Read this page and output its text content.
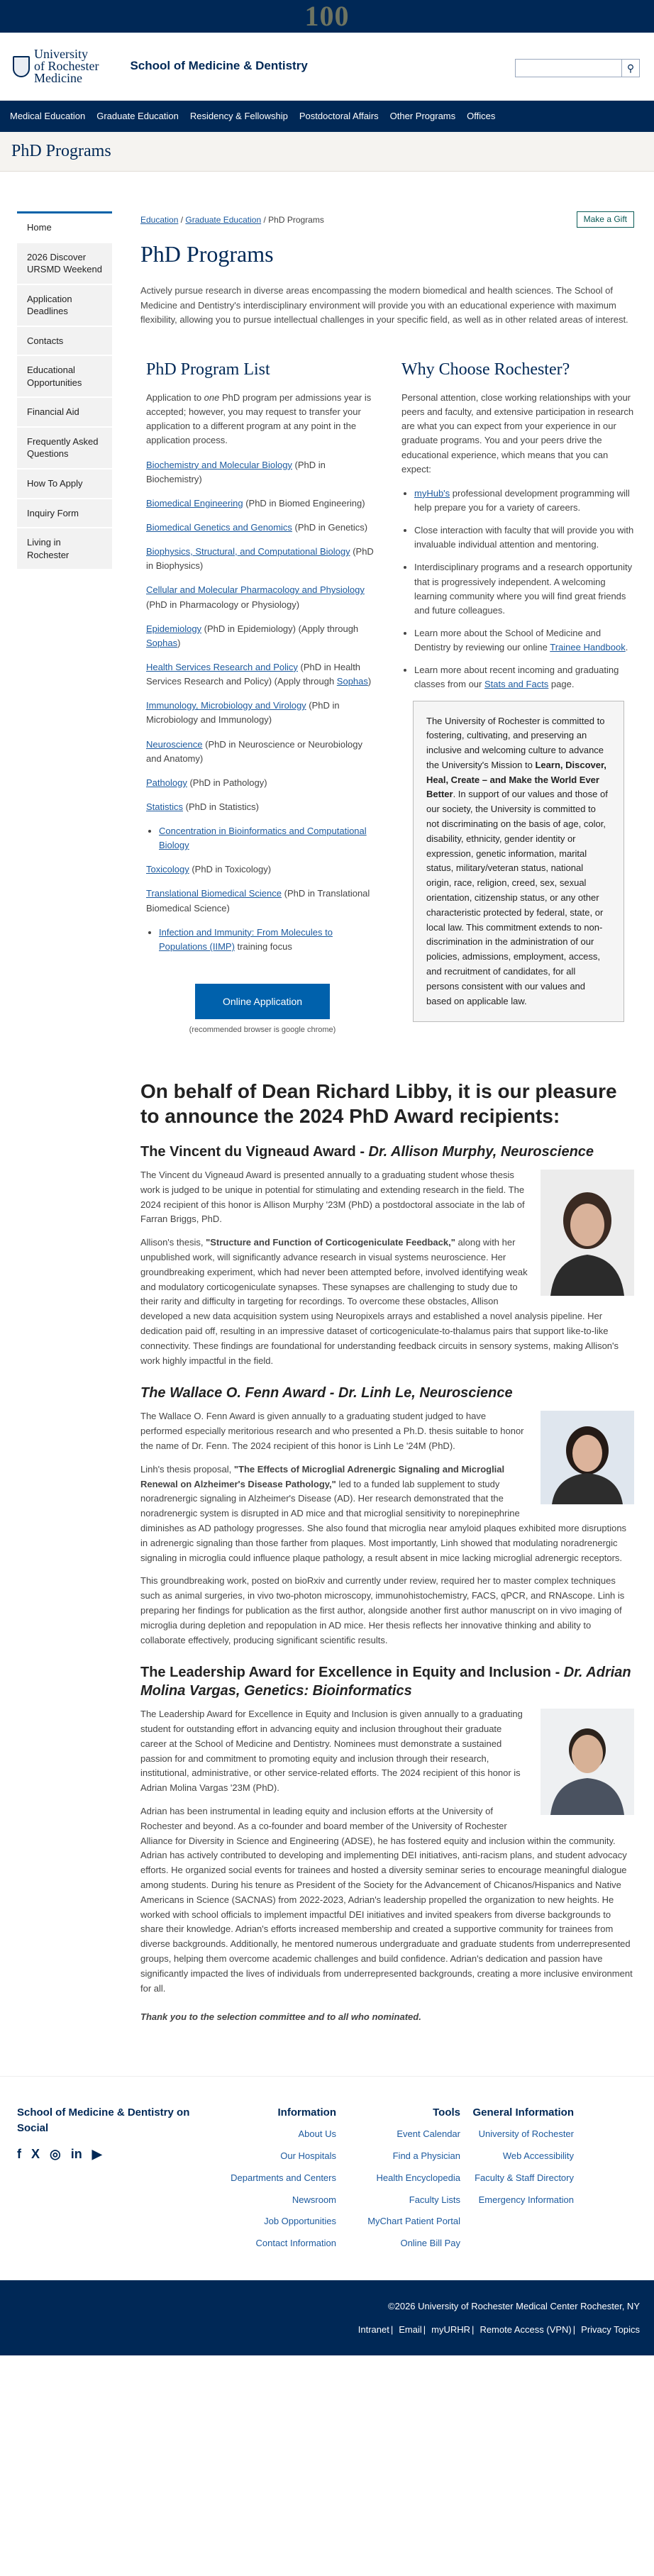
100
University
of Rochester
Medicine
School of Medicine & Dentistry	⚲
Medical Education	Graduate Education	Residency & Fellowship	Postdoctoral Affairs	Other Programs	Offices
PhD Programs
Home
2026 Discover URSMD Weekend
Application Deadlines
Contacts
Educational Opportunities
Financial Aid
Frequently Asked Questions
How To Apply
Inquiry Form
Living in Rochester
Education / Graduate Education / PhD Programs	Make a Gift
PhD Programs

Actively pursue research in diverse areas encompassing the modern biomedical and health sciences. The School of Medicine and Dentistry's interdisciplinary environment will provide you with an educational experience with maximum flexibility, allowing you to pursue intellectual challenges in your specific field, as well as in other related areas of interest.

PhD Program List

Application to one PhD program per admissions year is accepted; however, you may request to transfer your application to a different program at any point in the application process.

Biochemistry and Molecular Biology (PhD in Biochemistry)
Biomedical Engineering (PhD in Biomed Engineering)
Biomedical Genetics and Genomics (PhD in Genetics)
Biophysics, Structural, and Computational Biology (PhD in Biophysics)
Cellular and Molecular Pharmacology and Physiology (PhD in Pharmacology or Physiology)
Epidemiology (PhD in Epidemiology) (Apply through Sophas)
Health Services Research and Policy (PhD in Health Services Research and Policy) (Apply through Sophas)
Immunology, Microbiology and Virology (PhD in Microbiology and Immunology)
Neuroscience (PhD in Neuroscience or Neurobiology and Anatomy)
Pathology (PhD in Pathology)
Statistics (PhD in Statistics)
• Concentration in Bioinformatics and Computational Biology
Toxicology (PhD in Toxicology)
Translational Biomedical Science (PhD in Translational Biomedical Science)
• Infection and Immunity: From Molecules to Populations (IIMP) training focus
Online Application
(recommended browser is google chrome)
Why Choose Rochester?

Personal attention, close working relationships with your peers and faculty, and extensive participation in research are what you can expect from your experience in our graduate programs. You and your peers drive the educational experience, which means that you can expect:

• myHub's professional development programming will help prepare you for a variety of careers.
• Close interaction with faculty that will provide you with invaluable individual attention and mentoring.
• Interdisciplinary programs and a research opportunity that is progressively independent. A welcoming learning community where you will find great friends and future colleagues.
• Learn more about the School of Medicine and Dentistry by reviewing our online Trainee Handbook.
• Learn more about recent incoming and graduating classes from our Stats and Facts page.
The University of Rochester is committed to fostering, cultivating, and preserving an inclusive and welcoming culture to advance the University's Mission to Learn, Discover, Heal, Create – and Make the World Ever Better. In support of our values and those of our society, the University is committed to not discriminating on the basis of age, color, disability, ethnicity, gender identity or expression, genetic information, marital status, military/veteran status, national origin, race, religion, creed, sex, sexual orientation, citizenship status, or any other characteristic protected by federal, state, or local law. This commitment extends to non-discrimination in the administration of our policies, admissions, employment, access, and recruitment of candidates, for all persons consistent with our values and based on applicable law.
On behalf of Dean Richard Libby, it is our pleasure to announce the 2024 PhD Award recipients:
The Vincent du Vigneaud Award - Dr. Allison Murphy, Neuroscience

The Vincent du Vigneaud Award is presented annually to a graduating student whose thesis work is judged to be unique in potential for stimulating and extending research in the field. The 2024 recipient of this honor is Allison Murphy '23M (PhD) a postdoctoral associate in the lab of Farran Briggs, PhD.

Allison's thesis, "Structure and Function of Corticogeniculate Feedback," along with her unpublished work, will significantly advance research in visual systems neuroscience. Her groundbreaking experiment, which had never been attempted before, involved identifying weak and modulatory corticogeniculate synapses. These synapses are challenging to study due to their rarity and difficulty in targeting for recordings. To overcome these obstacles, Allison developed a new data acquisition system using Neuropixels arrays and established a novel analysis pipeline. Her dedication paid off, resulting in an impressive dataset of corticogeniculate-to-thalamus pairs that support like-to-like connectivity. These findings are foundational for understanding feedback circuits in sensory systems, making Allison's work highly impactful in the field.

The Wallace O. Fenn Award - Dr. Linh Le, Neuroscience

The Wallace O. Fenn Award is given annually to a graduating student judged to have performed especially meritorious research and who presented a Ph.D. thesis suitable to honor the name of Dr. Fenn. The 2024 recipient of this honor is Linh Le '24M (PhD).

Linh's thesis proposal, "The Effects of Microglial Adrenergic Signaling and Microglial Renewal on Alzheimer's Disease Pathology," led to a funded lab supplement to study noradrenergic signaling in Alzheimer's Disease (AD). Her research demonstrated that the noradrenergic system is disrupted in AD mice and that microglial sensitivity to norepinephrine diminishes as AD pathology progresses. She also found that microglia near amyloid plaques exhibited more disruptions in adrenergic signaling than those farther from plaques. Most importantly, Linh showed that modulating noradrenergic signaling in microglia could influence plaque pathology, a result absent in mice lacking microglial adrenergic receptors.

This groundbreaking work, posted on bioRxiv and currently under review, required her to master complex techniques such as animal surgeries, in vivo two-photon microscopy, immunohistochemistry, FACS, qPCR, and RNAscope. Linh is preparing her findings for publication as the first author, alongside another first author manuscript on in vivo imaging of microglia during depletion and repopulation in AD mice. Her thesis reflects her innovative thinking and ability to collaborate effectively, producing significant scientific results.

The Leadership Award for Excellence in Equity and Inclusion - Dr. Adrian Molina Vargas, Genetics: Bioinformatics

The Leadership Award for Excellence in Equity and Inclusion is given annually to a graduating student for outstanding effort in advancing equity and inclusion throughout their graduate career at the School of Medicine and Dentistry. Nominees must demonstrate a sustained passion for and commitment to promoting equity and inclusion through their research, institutional, administrative, or other service-related efforts. The 2024 recipient of this honor is Adrian Molina Vargas '23M (PhD).

Adrian has been instrumental in leading equity and inclusion efforts at the University of Rochester and beyond. As a co-founder and board member of the University of Rochester Alliance for Diversity in Science and Engineering (ADSE), he has fostered equity and inclusion within the community. Adrian has actively contributed to developing and implementing DEI initiatives, anti-racism plans, and student advocacy efforts. He organized social events for trainees and hosted a diversity seminar series to encourage meaningful dialogue among students. During his tenure as President of the Society for the Advancement of Chicanos/Hispanics and Native Americans in Science (SACNAS) from 2022-2023, Adrian's leadership propelled the organization to new heights. He worked with school officials to implement impactful DEI initiatives and invited speakers from diverse backgrounds to share their knowledge. Adrian's efforts increased membership and created a supportive community for trainees from diverse backgrounds. Additionally, he mentored numerous undergraduate and graduate students from underrepresented groups, helping them overcome academic challenges and build confidence. Adrian's dedication and passion have significantly impacted the lives of individuals from underrepresented backgrounds, creating a more inclusive environment for all.

Thank you to the selection committee and to all who nominated.

School of Medicine & Dentistry on Social
f X ◎ in ▶
Information
About Us
Our Hospitals
Departments and Centers
Newsroom
Job Opportunities
Contact Information
Tools
Event Calendar
Find a Physician
Health Encyclopedia
Faculty Lists
MyChart Patient Portal
Online Bill Pay
General Information
University of Rochester
Web Accessibility
Faculty & Staff Directory
Emergency Information
©2026 University of Rochester Medical Center Rochester, NY
Intranet | Email | myURHR | Remote Access (VPN) | Privacy Topics
